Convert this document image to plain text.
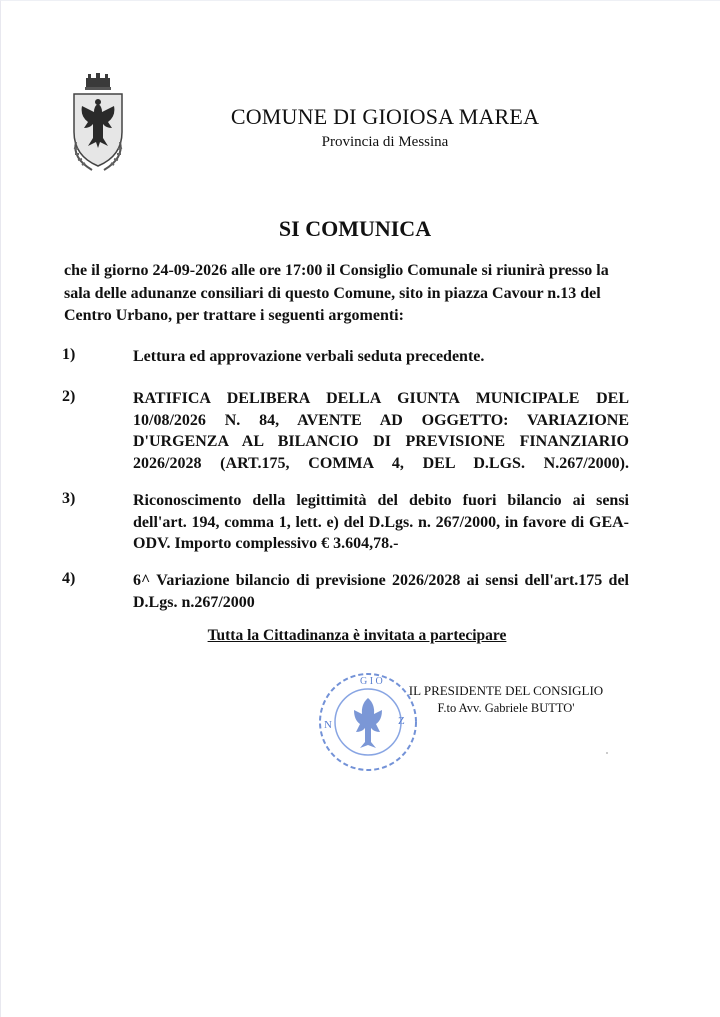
COMUNE DI GIOIOSA MAREA
Provincia di Messina
SI COMUNICA

che il giorno 24-09-2026 alle ore 17:00 il Consiglio Comunale si riunirà presso la sala delle adunanze consiliari di questo Comune, sito in piazza Cavour n.13 del Centro Urbano, per trattare i seguenti argomenti:

1)	Lettura ed approvazione verbali seduta precedente.

2)	RATIFICA DELIBERA DELLA GIUNTA MUNICIPALE DEL 10/08/2026 N. 84, AVENTE AD OGGETTO: VARIAZIONE D'URGENZA AL BILANCIO DI PREVISIONE FINANZIARIO 2026/2028 (ART.175, COMMA 4, DEL D.LGS. N.267/2000).

3)	Riconoscimento della legittimità del debito fuori bilancio ai sensi dell'art. 194, comma 1, lett. e) del D.Lgs. n. 267/2000, in favore di GEA-ODV. Importo complessivo € 3.604,78.-

4)	6^ Variazione bilancio di previsione 2026/2028 ai sensi dell'art.175 del D.Lgs. n.267/2000

Tutta la Cittadinanza è invitata a partecipare
N	Z
G I O
IL PRESIDENTE DEL CONSIGLIO
F.to Avv. Gabriele BUTTO'
